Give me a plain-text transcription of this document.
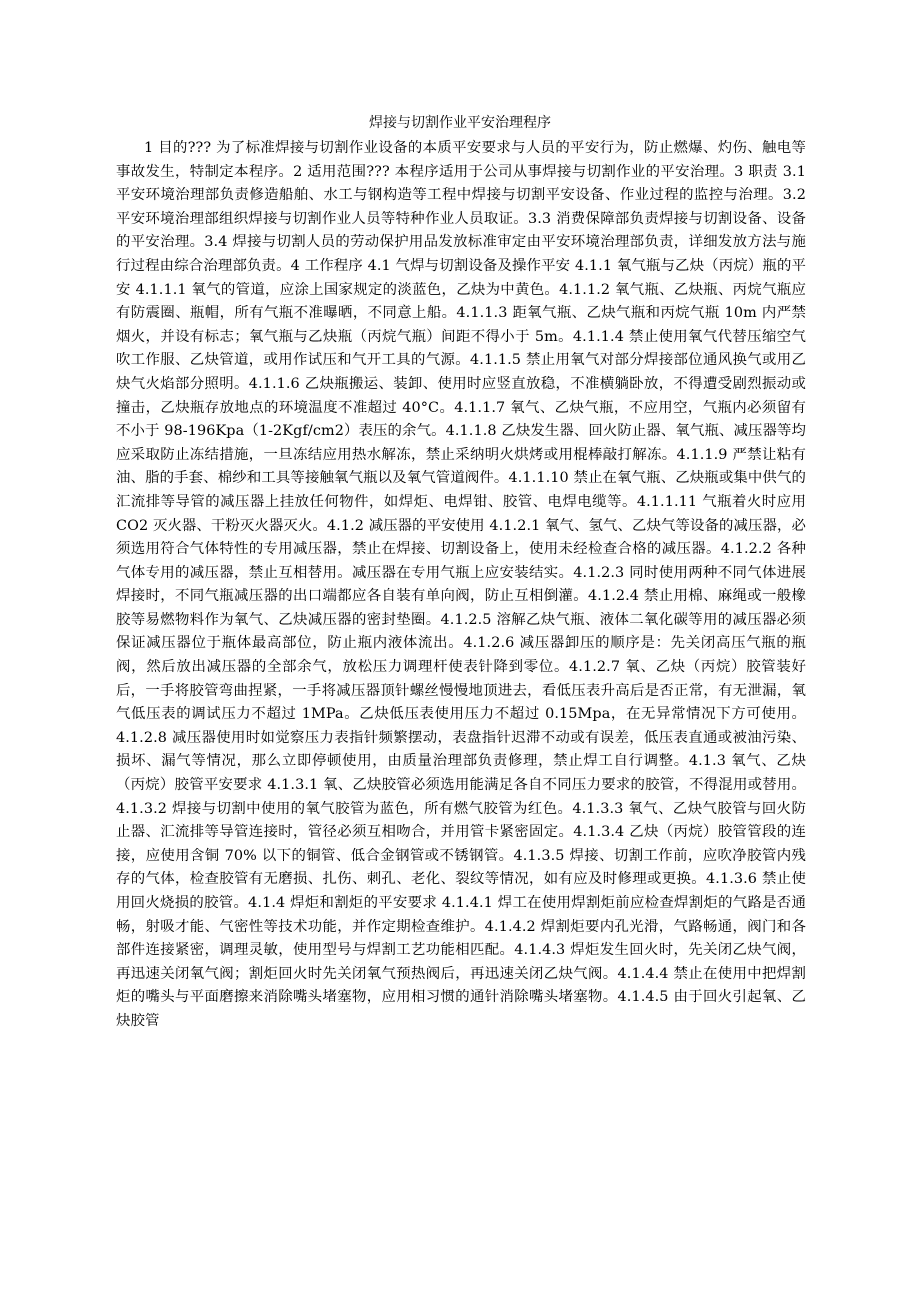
焊接与切割作业平安治理程序

1 目的??? 为了标准焊接与切割作业设备的本质平安要求与人员的平安行为，防止燃爆、灼伤、触电等事故发生，特制定本程序。2 适用范围??? 本程序适用于公司从事焊接与切割作业的平安治理。3 职责 3.1 平安环境治理部负责修造船舶、水工与钢构造等工程中焊接与切割平安设备、作业过程的监控与治理。3.2 平安环境治理部组织焊接与切割作业人员等特种作业人员取证。3.3 消费保障部负责焊接与切割设备、设备的平安治理。3.4 焊接与切割人员的劳动保护用品发放标准审定由平安环境治理部负责，详细发放方法与施行过程由综合治理部负责。4 工作程序 4.1 气焊与切割设备及操作平安 4.1.1 氧气瓶与乙炔（丙烷）瓶的平安 4.1.1.1 氧气的管道，应涂上国家规定的淡蓝色，乙炔为中黄色。4.1.1.2 氧气瓶、乙炔瓶、丙烷气瓶应有防震圈、瓶帽，所有气瓶不准曝晒，不同意上船。4.1.1.3 距氧气瓶、乙炔气瓶和丙烷气瓶 10m 内严禁烟火，并设有标志；氧气瓶与乙炔瓶（丙烷气瓶）间距不得小于 5m。4.1.1.4 禁止使用氧气代替压缩空气吹工作服、乙炔管道，或用作试压和气开工具的气源。4.1.1.5 禁止用氧气对部分焊接部位通风换气或用乙炔气火焰部分照明。4.1.1.6 乙炔瓶搬运、装卸、使用时应竖直放稳，不准横躺卧放，不得遭受剧烈振动或撞击，乙炔瓶存放地点的环境温度不准超过 40°C。4.1.1.7 氧气、乙炔气瓶，不应用空，气瓶内必须留有不小于 98-196Kpa（1-2Kgf/cm2）表压的余气。4.1.1.8 乙炔发生器、回火防止器、氧气瓶、减压器等均应采取防止冻结措施，一旦冻结应用热水解冻，禁止采纳明火烘烤或用棍棒敲打解冻。4.1.1.9 严禁让粘有油、脂的手套、棉纱和工具等接触氧气瓶以及氧气管道阀件。4.1.1.10 禁止在氧气瓶、乙炔瓶或集中供气的汇流排等导管的减压器上挂放任何物件，如焊炬、电焊钳、胶管、电焊电缆等。4.1.1.11 气瓶着火时应用 CO2 灭火器、干粉灭火器灭火。4.1.2 减压器的平安使用 4.1.2.1 氧气、氢气、乙炔气等设备的减压器，必须选用符合气体特性的专用减压器，禁止在焊接、切割设备上，使用未经检查合格的减压器。4.1.2.2 各种气体专用的减压器，禁止互相替用。减压器在专用气瓶上应安装结实。4.1.2.3 同时使用两种不同气体进展焊接时，不同气瓶减压器的出口端都应各自装有单向阀，防止互相倒灌。4.1.2.4 禁止用棉、麻绳或一般橡胶等易燃物料作为氧气、乙炔减压器的密封垫圈。4.1.2.5 溶解乙炔气瓶、液体二氧化碳等用的减压器必须保证减压器位于瓶体最高部位，防止瓶内液体流出。4.1.2.6 减压器卸压的顺序是：先关闭高压气瓶的瓶阀，然后放出减压器的全部余气，放松压力调理杆使表针降到零位。4.1.2.7 氧、乙炔（丙烷）胶管装好后，一手将胶管弯曲捏紧，一手将减压器顶针螺丝慢慢地顶进去，看低压表升高后是否正常，有无泄漏，氧气低压表的调试压力不超过 1MPa。乙炔低压表使用压力不超过 0.15Mpa，在无异常情况下方可使用。4.1.2.8 减压器使用时如觉察压力表指针频繁摆动，表盘指针迟滞不动或有误差，低压表直通或被油污染、损坏、漏气等情况，那么立即停顿使用，由质量治理部负责修理，禁止焊工自行调整。4.1.3 氧气、乙炔（丙烷）胶管平安要求 4.1.3.1 氧、乙炔胶管必须选用能满足各自不同压力要求的胶管，不得混用或替用。4.1.3.2 焊接与切割中使用的氧气胶管为蓝色，所有燃气胶管为红色。4.1.3.3 氧气、乙炔气胶管与回火防止器、汇流排等导管连接时，管径必须互相吻合，并用管卡紧密固定。4.1.3.4 乙炔（丙烷）胶管管段的连接，应使用含铜 70% 以下的铜管、低合金钢管或不锈钢管。4.1.3.5 焊接、切割工作前，应吹净胶管内残存的气体，检查胶管有无磨损、扎伤、刺孔、老化、裂纹等情况，如有应及时修理或更换。4.1.3.6 禁止使用回火烧损的胶管。4.1.4 焊炬和割炬的平安要求 4.1.4.1 焊工在使用焊割炬前应检查焊割炬的气路是否通畅，射吸才能、气密性等技术功能，并作定期检查维护。4.1.4.2 焊割炬要内孔光滑，气路畅通，阀门和各部件连接紧密，调理灵敏，使用型号与焊割工艺功能相匹配。4.1.4.3 焊炬发生回火时，先关闭乙炔气阀，再迅速关闭氧气阀；割炬回火时先关闭氧气预热阀后，再迅速关闭乙炔气阀。4.1.4.4 禁止在使用中把焊割炬的嘴头与平面磨擦来消除嘴头堵塞物，应用相习惯的通针消除嘴头堵塞物。4.1.4.5 由于回火引起氧、乙炔胶管
